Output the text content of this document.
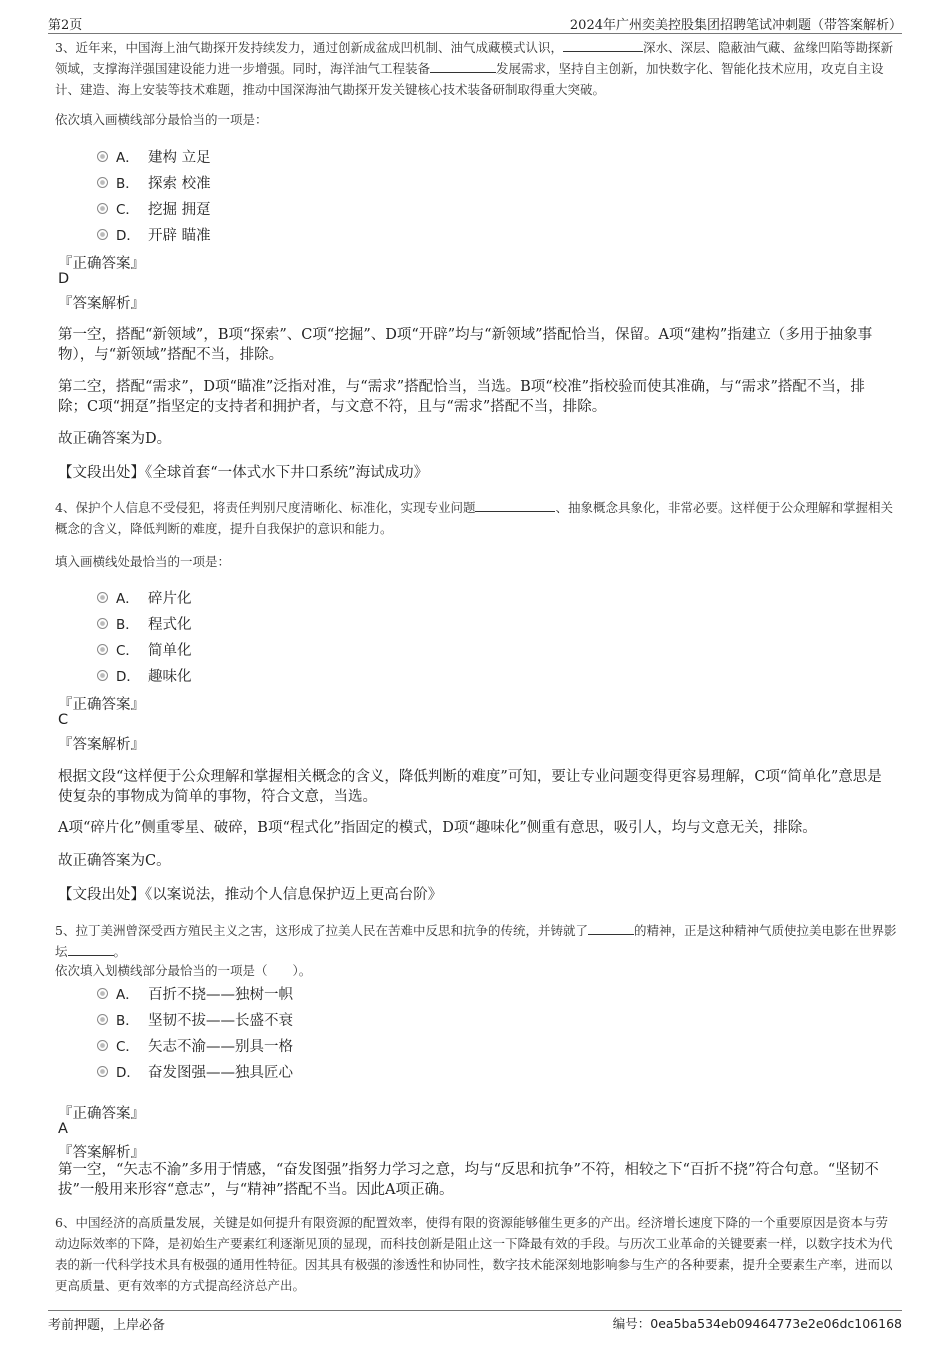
第2页	2024年广州奕美控股集团招聘笔试冲刺题（带答案解析）
3、近年来，中国海上油气勘探开发持续发力，通过创新成盆成凹机制、油气成藏模式认识，	深水、深层、隐蔽油气藏、盆缘凹陷等勘探新领域，支撑海洋强国建设能力进一步增强。同时，海洋油气工程装备	发展需求，坚持自主创新，加快数字化、智能化技术应用，攻克自主设计、建造、海上安装等技术难题，推动中国深海油气勘探开发关键核心技术装备研制取得重大突破。
依次填入画横线部分最恰当的一项是：
A． 建构 立足
B． 探索 校准
C． 挖掘 拥趸
D． 开辟 瞄准
『正确答案』
D
『答案解析』
第一空，搭配“新领域”，B项“探索”、C项“挖掘”、D项“开辟”均与“新领域”搭配恰当，保留。A项“建构”指建立（多用于抽象事物），与“新领域”搭配不当，排除。
第二空，搭配“需求”，D项“瞄准”泛指对准，与“需求”搭配恰当，当选。B项“校准”指校验而使其准确，与“需求”搭配不当，排除；C项“拥趸”指坚定的支持者和拥护者，与文意不符，且与“需求”搭配不当，排除。
故正确答案为D。
【文段出处】《全球首套“一体式水下井口系统”海试成功》
4、保护个人信息不受侵犯，将责任判别尺度清晰化、标准化，实现专业问题	、抽象概念具象化，非常必要。这样便于公众理解和掌握相关概念的含义，降低判断的难度，提升自我保护的意识和能力。
填入画横线处最恰当的一项是：
A． 碎片化
B． 程式化
C． 简单化
D． 趣味化
『正确答案』
C
『答案解析』
根据文段“这样便于公众理解和掌握相关概念的含义，降低判断的难度”可知，要让专业问题变得更容易理解，C项“简单化”意思是使复杂的事物成为简单的事物，符合文意，当选。
A项“碎片化”侧重零星、破碎，B项“程式化”指固定的模式，D项“趣味化”侧重有意思，吸引人，均与文意无关，排除。
故正确答案为C。
【文段出处】《以案说法，推动个人信息保护迈上更高台阶》
5、拉丁美洲曾深受西方殖民主义之害，这形成了拉美人民在苦难中反思和抗争的传统，并铸就了	的精神，正是这种精神气质使拉美电影在世界影坛	。
依次填入划横线部分最恰当的一项是（　　）。
A． 百折不挠——独树一帜
B． 坚韧不拔——长盛不衰
C． 矢志不渝——别具一格
D． 奋发图强——独具匠心
『正确答案』
A
『答案解析』
第一空，“矢志不渝”多用于情感，“奋发图强”指努力学习之意，均与“反思和抗争”不符，相较之下“百折不挠”符合句意。“坚韧不拔”一般用来形容“意志”，与“精神”搭配不当。因此A项正确。
6、中国经济的高质量发展，关键是如何提升有限资源的配置效率，使得有限的资源能够催生更多的产出。经济增长速度下降的一个重要原因是资本与劳动边际效率的下降，是初始生产要素红利逐渐见顶的显现，而科技创新是阻止这一下降最有效的手段。与历次工业革命的关键要素一样，以数字技术为代表的新一代科学技术具有极强的通用性特征。因其具有极强的渗透性和协同性，数字技术能深刻地影响参与生产的各种要素，提升全要素生产率，进而以更高质量、更有效率的方式提高经济总产出。
考前押题，上岸必备	编号：0ea5ba534eb09464773e2e06dc106168
